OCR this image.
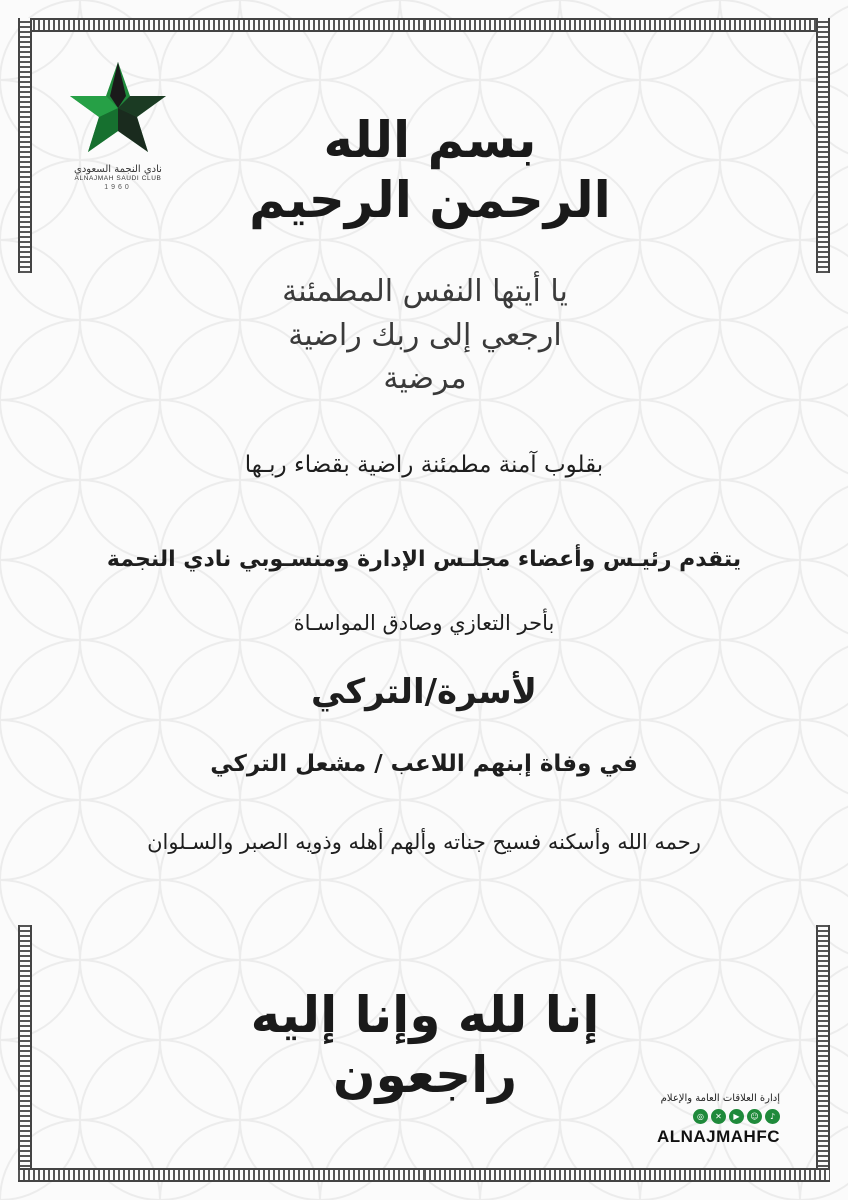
نادي النجمة السعودي
ALNAJMAH SAUDI CLUB
1960
بسم الله الرحمن الرحيم
يا أيتها النفس المطمئنة
ارجعي إلى ربك راضية مرضية
بقلوب آمنة مطمئنة راضية بقضاء ربـها
يتقدم رئيـس وأعضاء مجلـس الإدارة ومنسـوبي نادي النجمة
بأحر التعازي وصادق المواسـاة
لأسرة/التركي
في وفاة إبنهم اللاعب / مشعل التركي
رحمه الله وأسكنه فسيح جناته وألهم أهله وذويه الصبر والسـلوان
إنا لله وإنا إليه راجعون	إدارة العلاقات العامة والإعلام
◎	✕	▶	☺	♪
ALNAJMAHFC
